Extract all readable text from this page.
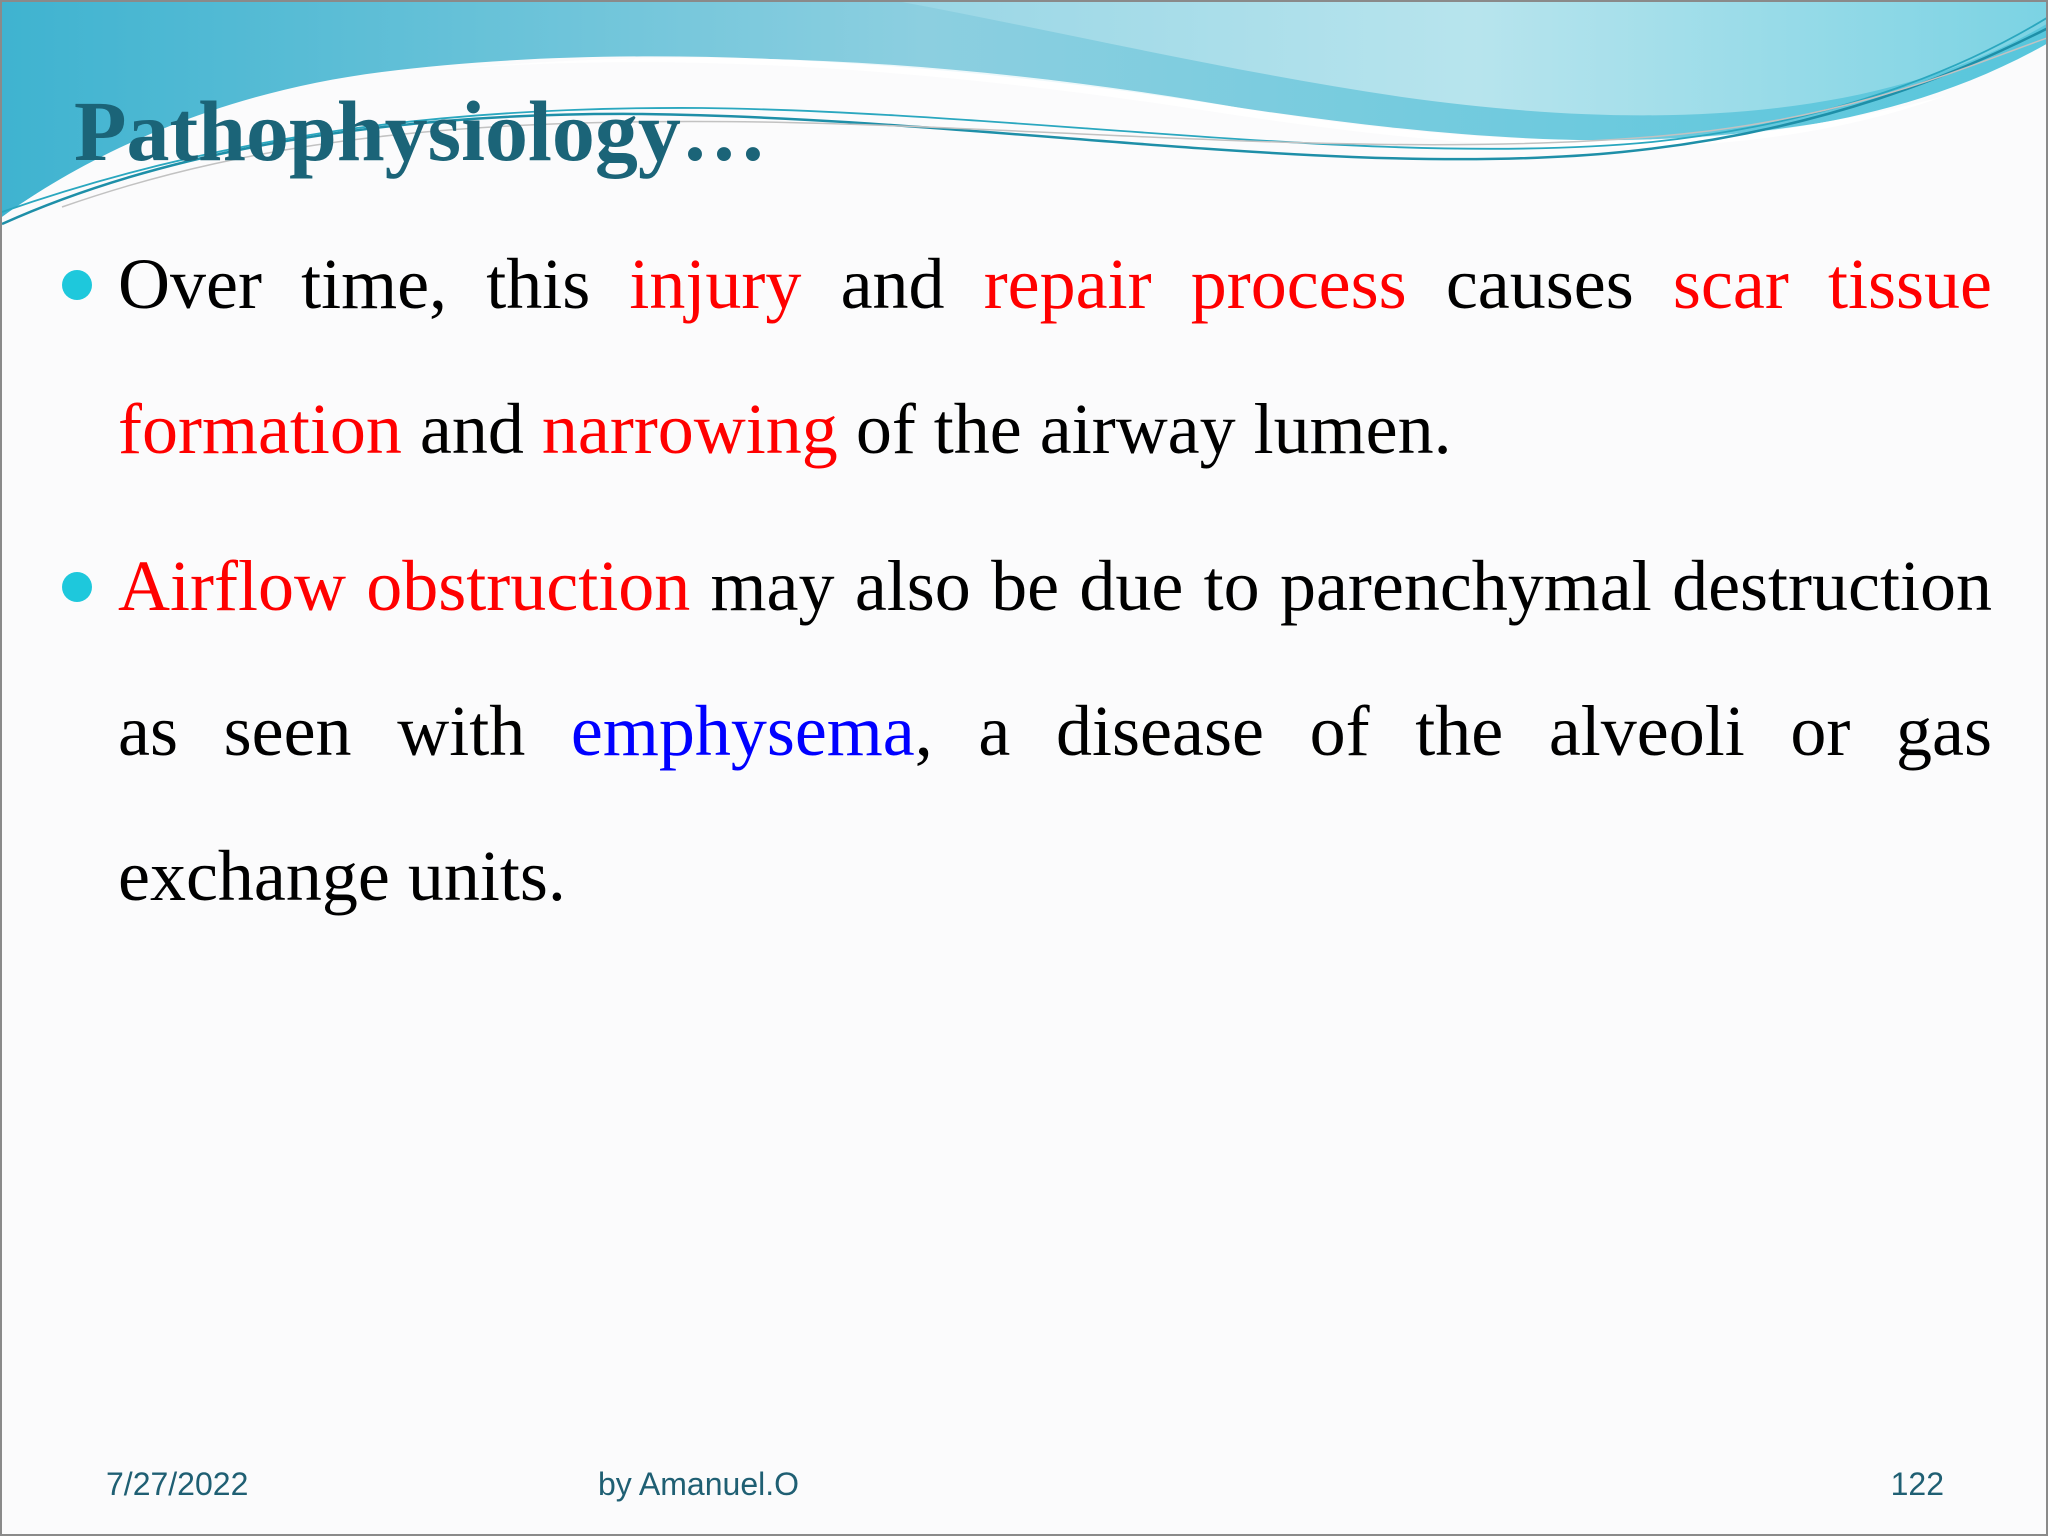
Pathophysiology…
Over time, this injury and repair process causes scar tissue formation and narrowing of the airway lumen.
Airflow obstruction may also be due to parenchymal destruction as seen with emphysema, a disease of the alveoli or gas exchange units.
7/27/2022	by Amanuel.O	122
